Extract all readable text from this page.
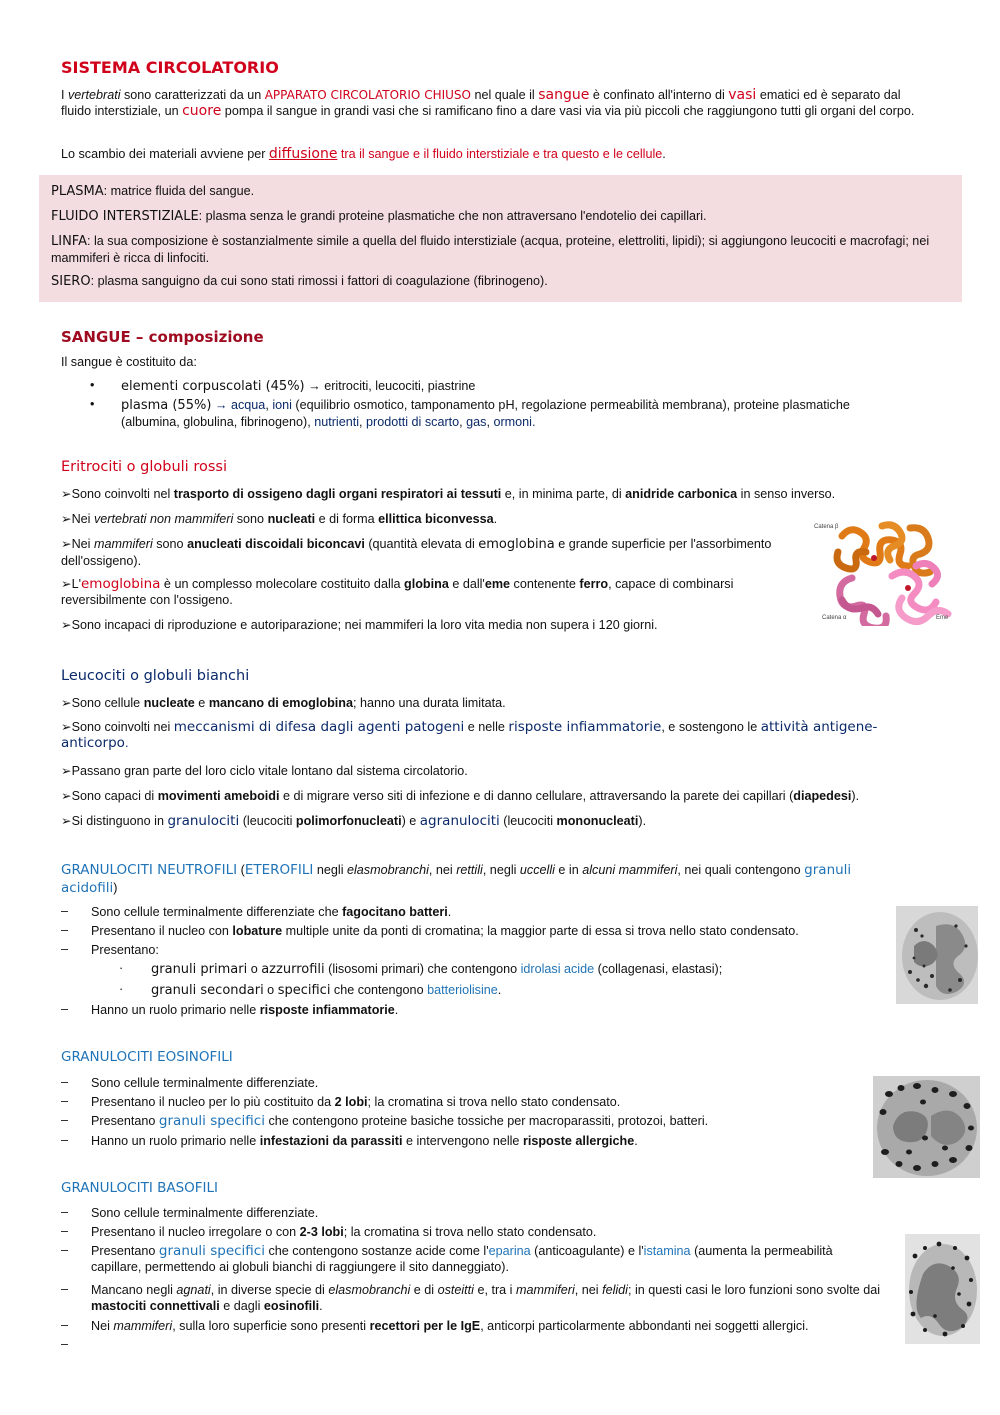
SISTEMA CIRCOLATORIO

I vertebrati sono caratterizzati da un APPARATO CIRCOLATORIO CHIUSO nel quale il sangue è confinato all'interno di vasi ematici ed è separato dal fluido interstiziale, un cuore pompa il sangue in grandi vasi che si ramificano fino a dare vasi via via più piccoli che raggiungono tutti gli organi del corpo.

Lo scambio dei materiali avviene per diffusione tra il sangue e il fluido interstiziale e tra questo e le cellule.

PLASMA: matrice fluida del sangue.

FLUIDO INTERSTIZIALE: plasma senza le grandi proteine plasmatiche che non attraversano l'endotelio dei capillari.

LINFA: la sua composizione è sostanzialmente simile a quella del fluido interstiziale (acqua, proteine, elettroliti, lipidi); si aggiungono leucociti e macrofagi; nei mammiferi è ricca di linfociti.

SIERO: plasma sanguigno da cui sono stati rimossi i fattori di coagulazione (fibrinogeno).

SANGUE – composizione

Il sangue è costituito da:

• elementi corpuscolati (45%) → eritrociti, leucociti, piastrine

• plasma (55%) → acqua, ioni (equilibrio osmotico, tamponamento pH, regolazione permeabilità membrana), proteine plasmatiche (albumina, globulina, fibrinogeno), nutrienti, prodotti di scarto, gas, ormoni.

Eritrociti o globuli rossi

➢Sono coinvolti nel trasporto di ossigeno dagli organi respiratori ai tessuti e, in minima parte, di anidride carbonica in senso inverso.

➢Nei vertebrati non mammiferi sono nucleati e di forma ellittica biconvessa.

➢Nei mammiferi sono anucleati discoidali biconcavi (quantità elevata di emoglobina e grande superficie per l'assorbimento dell'ossigeno).

➢L'emoglobina è un complesso molecolare costituito dalla globina e dall'eme contenente ferro, capace di combinarsi reversibilmente con l'ossigeno.

➢Sono incapaci di riproduzione e autoriparazione; nei mammiferi la loro vita media non supera i 120 giorni.

Catena β
Catena α	Eme
Leucociti o globuli bianchi

➢Sono cellule nucleate e mancano di emoglobina; hanno una durata limitata.

➢Sono coinvolti nei meccanismi di difesa dagli agenti patogeni e nelle risposte infiammatorie, e sostengono le attività antigene-anticorpo.

➢Passano gran parte del loro ciclo vitale lontano dal sistema circolatorio.

➢Sono capaci di movimenti ameboidi e di migrare verso siti di infezione e di danno cellulare, attraversando la parete dei capillari (diapedesi).

➢Si distinguono in granulociti (leucociti polimorfonucleati) e agranulociti (leucociti mononucleati).

GRANULOCITI NEUTROFILI (ETEROFILI negli elasmobranchi, nei rettili, negli uccelli e in alcuni mammiferi, nei quali contengono granuli acidofili)

– Sono cellule terminalmente differenziate che fagocitano batteri.

– Presentano il nucleo con lobature multiple unite da ponti di cromatina; la maggior parte di essa si trova nello stato condensato.

– Presentano:

· granuli primari o azzurrofili (lisosomi primari) che contengono idrolasi acide (collagenasi, elastasi);

· granuli secondari o specifici che contengono batteriolisine.

– Hanno un ruolo primario nelle risposte infiammatorie.

GRANULOCITI EOSINOFILI
– Sono cellule terminalmente differenziate.

– Presentano il nucleo per lo più costituito da 2 lobi; la cromatina si trova nello stato condensato.

– Presentano granuli specifici che contengono proteine basiche tossiche per macroparassiti, protozoi, batteri.

– Hanno un ruolo primario nelle infestazioni da parassiti e intervengono nelle risposte allergiche.

GRANULOCITI BASOFILI
– Sono cellule terminalmente differenziate.

– Presentano il nucleo irregolare o con 2-3 lobi; la cromatina si trova nello stato condensato.

– Presentano granuli specifici che contengono sostanze acide come l'eparina (anticoagulante) e l'istamina (aumenta la permeabilità capillare, permettendo ai globuli bianchi di raggiungere il sito danneggiato).

– Mancano negli agnati, in diverse specie di elasmobranchi e di osteitti e, tra i mammiferi, nei felidi; in questi casi le loro funzioni sono svolte dai mastociti connettivali e dagli eosinofili.

– Nei mammiferi, sulla loro superficie sono presenti recettori per le IgE, anticorpi particolarmente abbondanti nei soggetti allergici.

–
